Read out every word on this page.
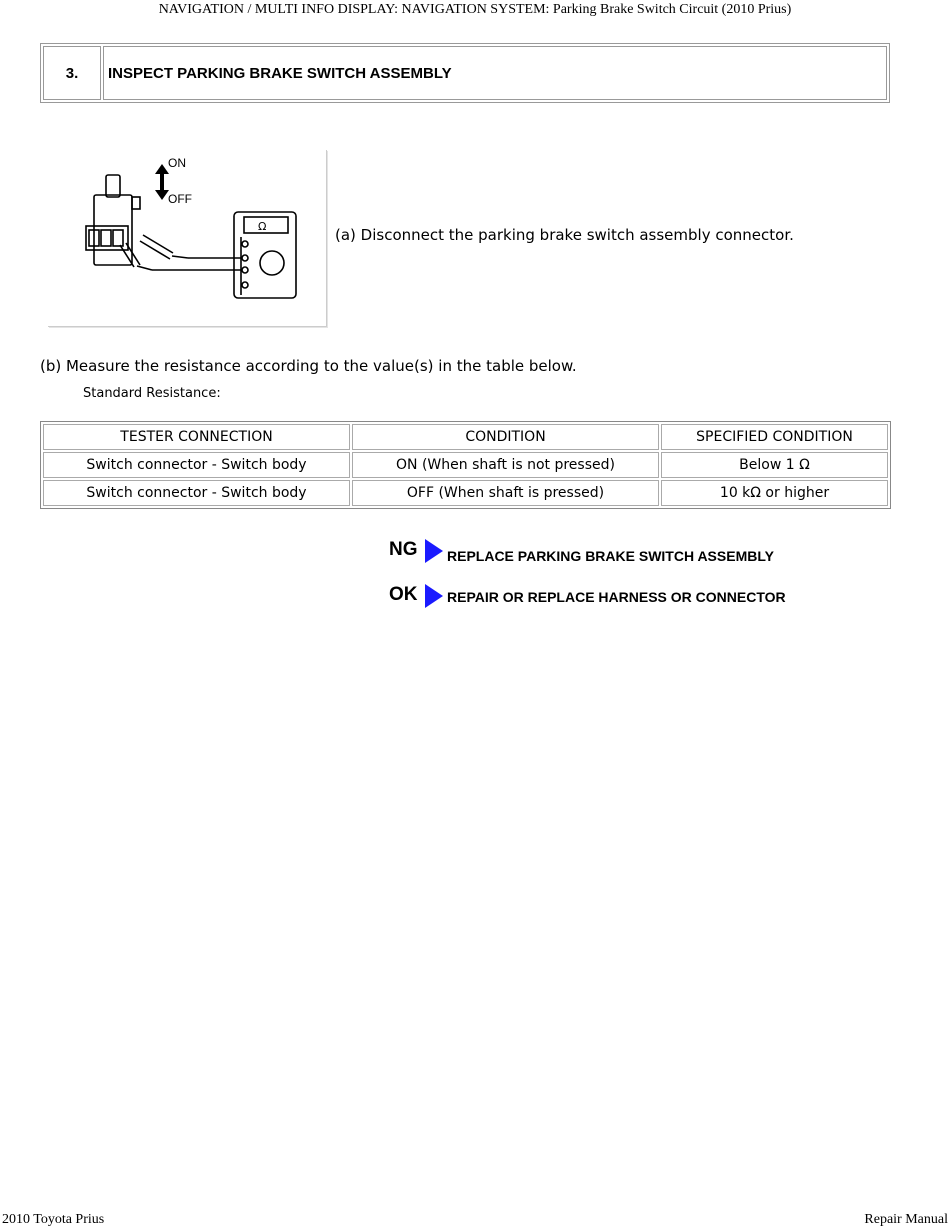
NAVIGATION / MULTI INFO DISPLAY: NAVIGATION SYSTEM: Parking Brake Switch Circuit (2010 Prius)
3.	INSPECT PARKING BRAKE SWITCH ASSEMBLY
ON
OFF
Ω	(a) Disconnect the parking brake switch assembly connector.
(b) Measure the resistance according to the value(s) in the table below.
Standard Resistance:
TESTER CONNECTION	CONDITION	SPECIFIED CONDITION
Switch connector - Switch body	ON (When shaft is not pressed)	Below 1 Ω
Switch connector - Switch body	OFF (When shaft is pressed)	10 kΩ or higher
NG	REPLACE PARKING BRAKE SWITCH ASSEMBLY
OK	REPAIR OR REPLACE HARNESS OR CONNECTOR
2010 Toyota Prius	Repair Manual
